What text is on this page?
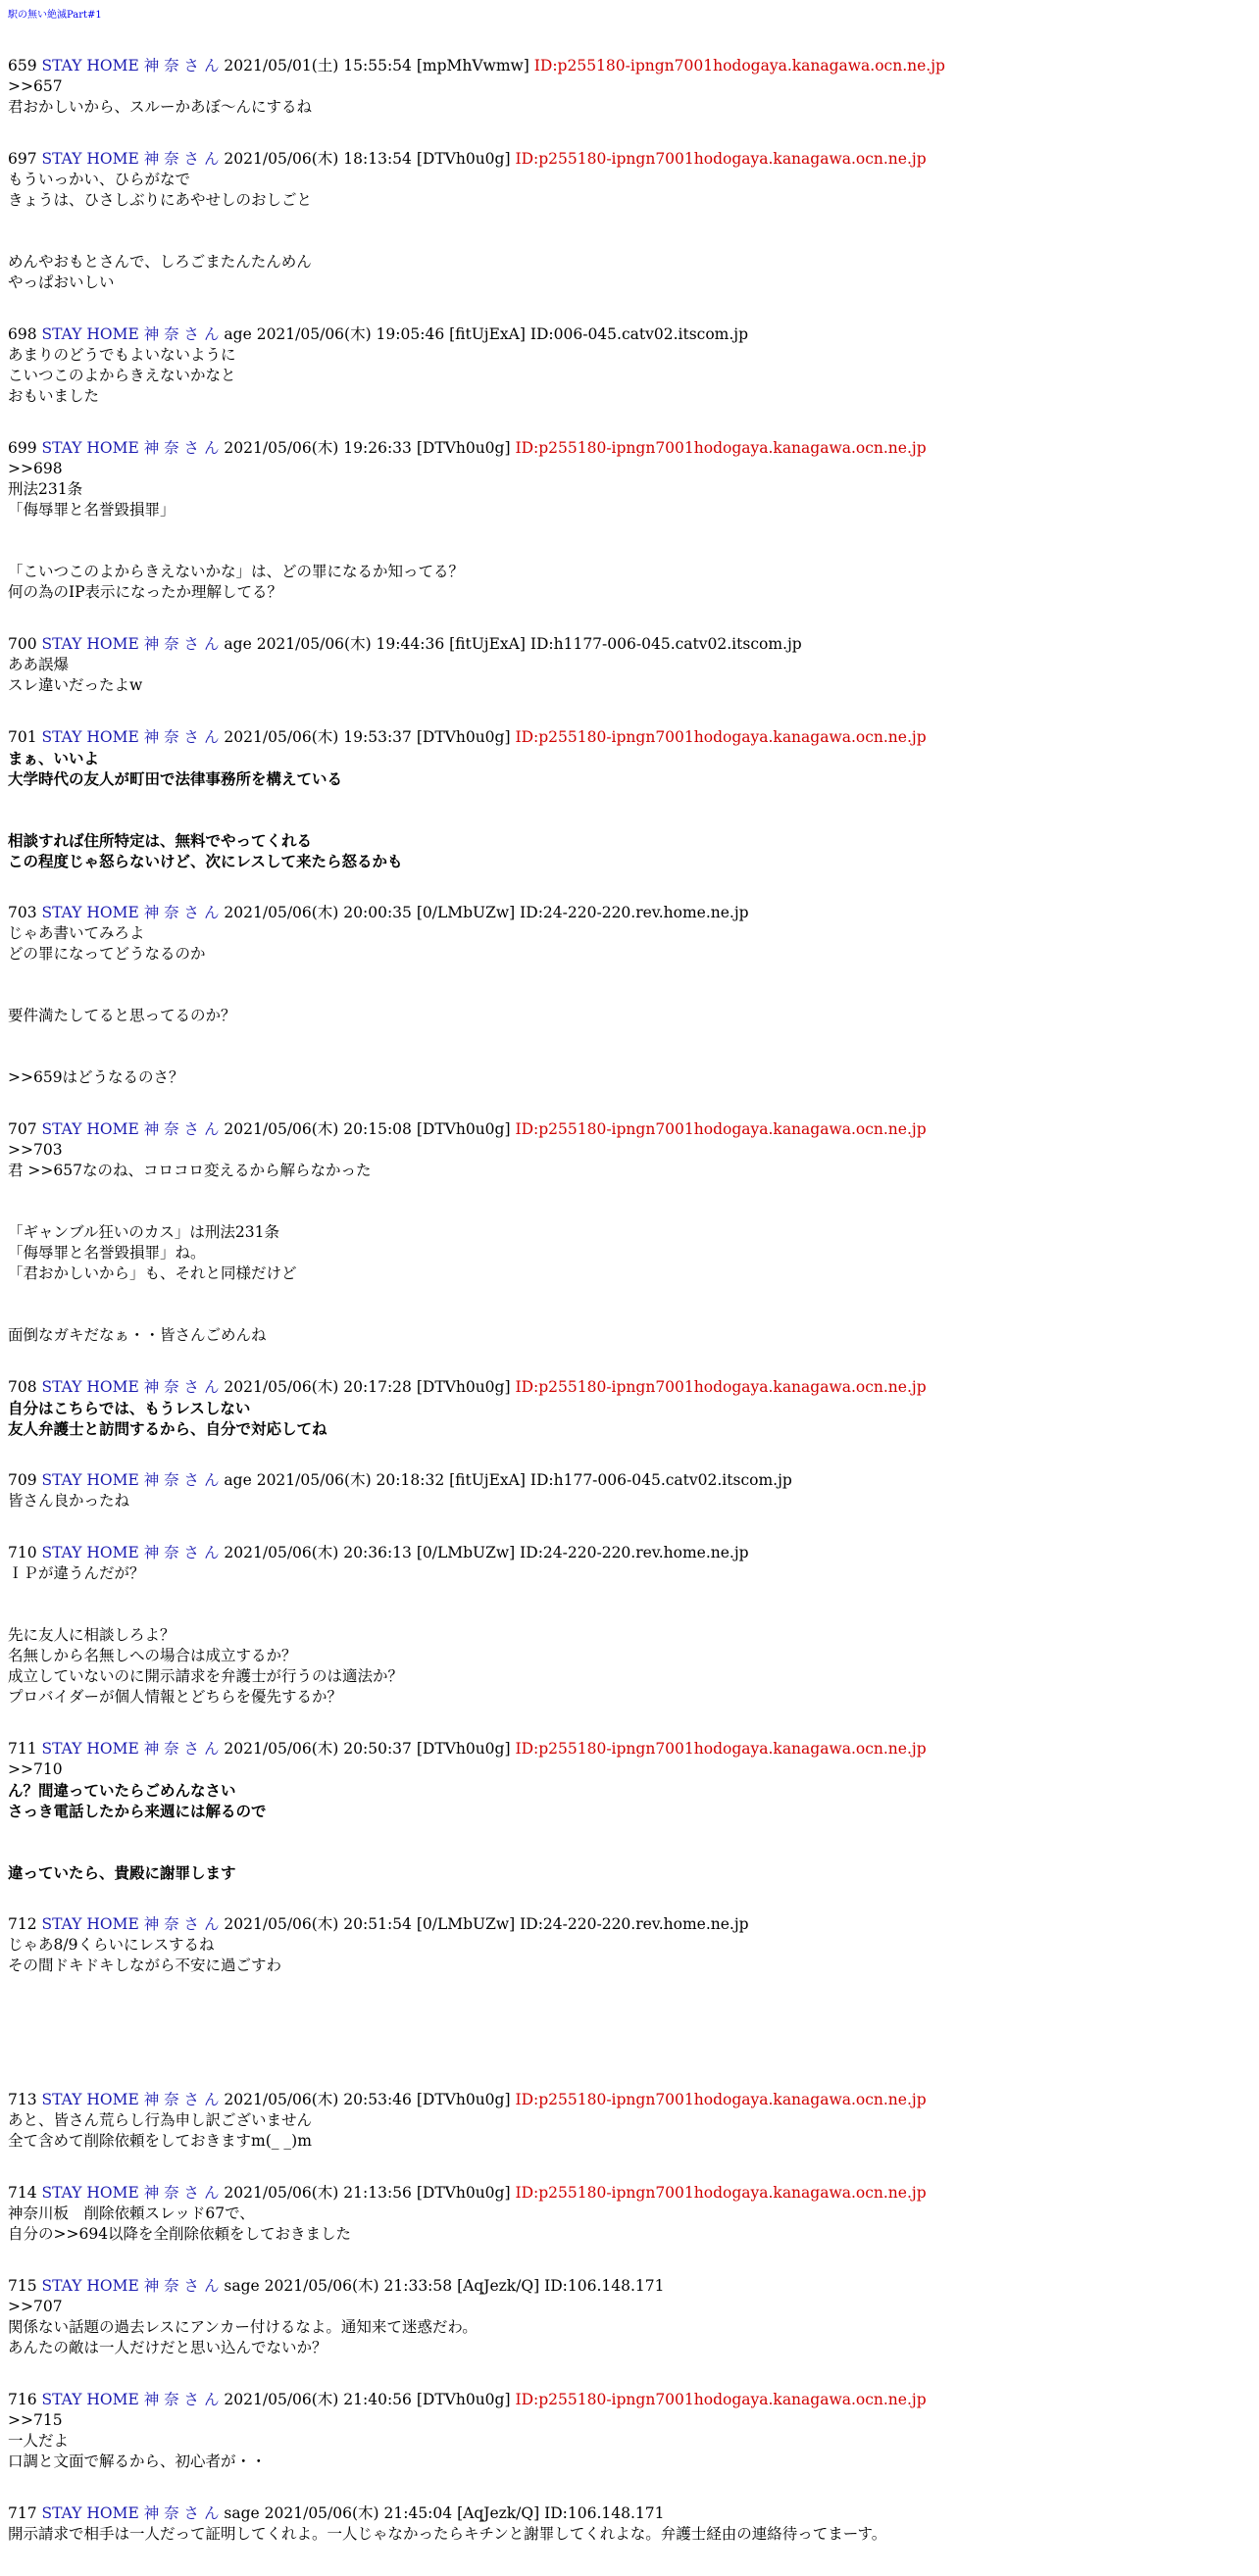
駅の無い絶滅Part#1
659 STAY HOME 神 奈 さ ん 2021/05/01(土) 15:55:54 [mpMhVwmw] ID:p255180-ipngn7001hodogaya.kanagawa.ocn.ne.jp
>>657
君おかしいから、スルーかあぼ～んにするね
697 STAY HOME 神 奈 さ ん 2021/05/06(木) 18:13:54 [DTVh0u0g] ID:p255180-ipngn7001hodogaya.kanagawa.ocn.ne.jp
もういっかい、ひらがなで
きょうは、ひさしぶりにあやせしのおしごと
めんやおもとさんで、しろごまたんたんめん
やっぱおいしい
698 STAY HOME 神 奈 さ ん age 2021/05/06(木) 19:05:46 [fitUjExA] ID:006-045.catv02.itscom.jp
あまりのどうでもよいないように
こいつこのよからきえないかなと
おもいました
699 STAY HOME 神 奈 さ ん 2021/05/06(木) 19:26:33 [DTVh0u0g] ID:p255180-ipngn7001hodogaya.kanagawa.ocn.ne.jp
>>698
刑法231条
「侮辱罪と名誉毀損罪」
「こいつこのよからきえないかな」は、どの罪になるか知ってる？
何の為のIP表示になったか理解してる？
700 STAY HOME 神 奈 さ ん age 2021/05/06(木) 19:44:36 [fitUjExA] ID:h1177-006-045.catv02.itscom.jp
ああ誤爆
スレ違いだったよw
701 STAY HOME 神 奈 さ ん 2021/05/06(木) 19:53:37 [DTVh0u0g] ID:p255180-ipngn7001hodogaya.kanagawa.ocn.ne.jp
まぁ、いいよ
大学時代の友人が町田で法律事務所を構えている
相談すれば住所特定は、無料でやってくれる
この程度じゃ怒らないけど、次にレスして来たら怒るかも
703 STAY HOME 神 奈 さ ん 2021/05/06(木) 20:00:35 [0/LMbUZw] ID:24-220-220.rev.home.ne.jp
じゃあ書いてみろよ
どの罪になってどうなるのか
要件満たしてると思ってるのか？
>>659はどうなるのさ？
707 STAY HOME 神 奈 さ ん 2021/05/06(木) 20:15:08 [DTVh0u0g] ID:p255180-ipngn7001hodogaya.kanagawa.ocn.ne.jp
>>703
君 >>657なのね、コロコロ変えるから解らなかった
「ギャンブル狂いのカス」は刑法231条
「侮辱罪と名誉毀損罪」ね。
「君おかしいから」も、それと同様だけど
面倒なガキだなぁ・・皆さんごめんね
708 STAY HOME 神 奈 さ ん 2021/05/06(木) 20:17:28 [DTVh0u0g] ID:p255180-ipngn7001hodogaya.kanagawa.ocn.ne.jp
自分はこちらでは、もうレスしない
友人弁護士と訪問するから、自分で対応してね
709 STAY HOME 神 奈 さ ん age 2021/05/06(木) 20:18:32 [fitUjExA] ID:h177-006-045.catv02.itscom.jp
皆さん良かったね
710 STAY HOME 神 奈 さ ん 2021/05/06(木) 20:36:13 [0/LMbUZw] ID:24-220-220.rev.home.ne.jp
ＩＰが違うんだが？
先に友人に相談しろよ？
名無しから名無しへの場合は成立するか？
成立していないのに開示請求を弁護士が行うのは適法か？
プロバイダーが個人情報とどちらを優先するか？
711 STAY HOME 神 奈 さ ん 2021/05/06(木) 20:50:37 [DTVh0u0g] ID:p255180-ipngn7001hodogaya.kanagawa.ocn.ne.jp
>>710
ん？間違っていたらごめんなさい
さっき電話したから来週には解るので
違っていたら、貴殿に謝罪します
712 STAY HOME 神 奈 さ ん 2021/05/06(木) 20:51:54 [0/LMbUZw] ID:24-220-220.rev.home.ne.jp
じゃあ8/9くらいにレスするね
その間ドキドキしながら不安に過ごすわ
713 STAY HOME 神 奈 さ ん 2021/05/06(木) 20:53:46 [DTVh0u0g] ID:p255180-ipngn7001hodogaya.kanagawa.ocn.ne.jp
あと、皆さん荒らし行為申し訳ございません
全て含めて削除依頼をしておきますm(_ _)m
714 STAY HOME 神 奈 さ ん 2021/05/06(木) 21:13:56 [DTVh0u0g] ID:p255180-ipngn7001hodogaya.kanagawa.ocn.ne.jp
神奈川板　削除依頼スレッド67で、
自分の>>694以降を全削除依頼をしておきました
715 STAY HOME 神 奈 さ ん sage 2021/05/06(木) 21:33:58 [AqJezk/Q] ID:106.148.171
>>707
関係ない話題の過去レスにアンカー付けるなよ。通知来て迷惑だわ。
あんたの敵は一人だけだと思い込んでないか？
716 STAY HOME 神 奈 さ ん 2021/05/06(木) 21:40:56 [DTVh0u0g] ID:p255180-ipngn7001hodogaya.kanagawa.ocn.ne.jp
>>715
一人だよ
口調と文面で解るから、初心者が・・
717 STAY HOME 神 奈 さ ん sage 2021/05/06(木) 21:45:04 [AqJezk/Q] ID:106.148.171
開示請求で相手は一人だって証明してくれよ。一人じゃなかったらキチンと謝罪してくれよな。弁護士経由の連絡待ってまーす。
